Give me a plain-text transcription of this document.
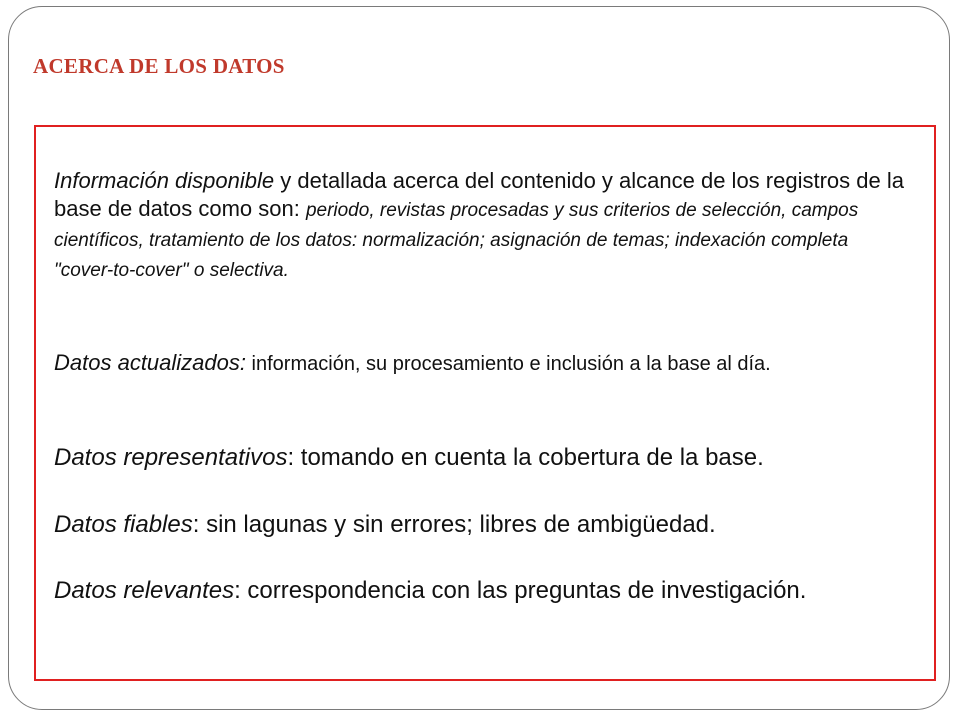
ACERCA DE LOS DATOS

Información disponible y detallada acerca del contenido y alcance de los registros de la base de datos como son: periodo, revistas procesadas y sus criterios de selección, campos científicos, tratamiento de los datos: normalización; asignación de temas; indexación completa "cover-to-cover" o selectiva.

Datos actualizados: información, su procesamiento e inclusión a la base al día.

Datos representativos: tomando en cuenta la cobertura de la base.

Datos fiables: sin lagunas y sin errores; libres de ambigüedad.

Datos relevantes: correspondencia con las preguntas de investigación.
